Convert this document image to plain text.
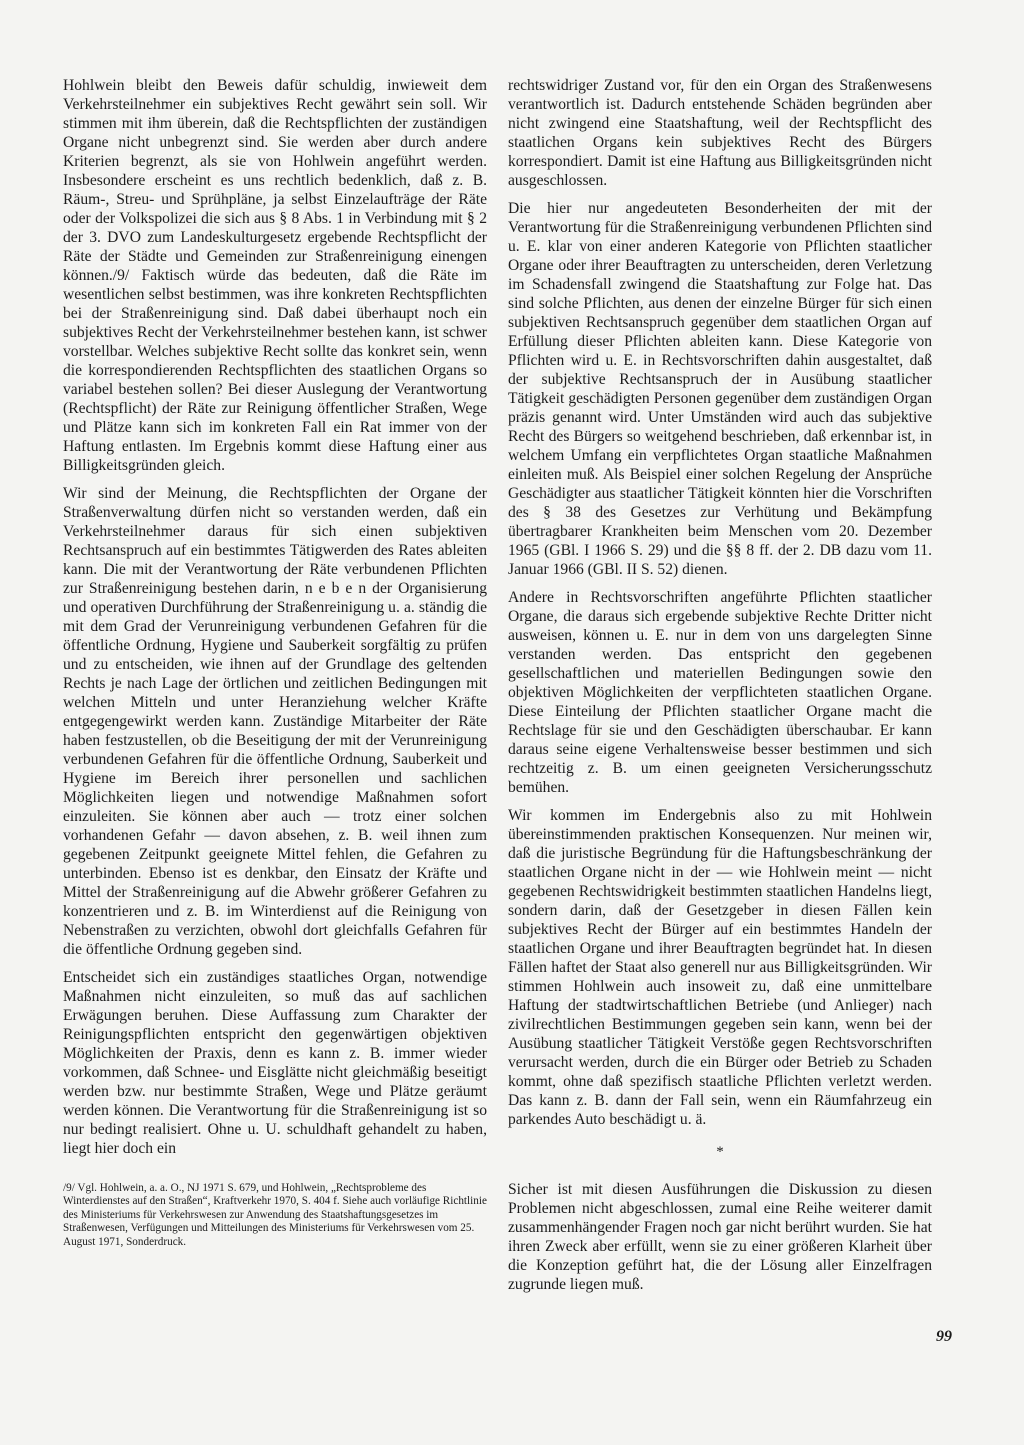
Hohlwein bleibt den Beweis dafür schuldig, inwieweit dem Verkehrsteilnehmer ein subjektives Recht gewährt sein soll. Wir stimmen mit ihm überein, daß die Rechtspflichten der zuständigen Organe nicht unbegrenzt sind. Sie werden aber durch andere Kriterien begrenzt, als sie von Hohlwein angeführt werden. Insbesondere erscheint es uns rechtlich bedenklich, daß z. B. Räum-, Streu- und Sprühpläne, ja selbst Einzelaufträge der Räte oder der Volkspolizei die sich aus § 8 Abs. 1 in Verbindung mit § 2 der 3. DVO zum Landeskulturgesetz ergebende Rechtspflicht der Räte der Städte und Gemeinden zur Straßenreinigung einengen können./9/ Faktisch würde das bedeuten, daß die Räte im wesentlichen selbst bestimmen, was ihre konkreten Rechtspflichten bei der Straßenreinigung sind. Daß dabei überhaupt noch ein subjektives Recht der Verkehrsteilnehmer bestehen kann, ist schwer vorstellbar. Welches subjektive Recht sollte das konkret sein, wenn die korrespondierenden Rechtspflichten des staatlichen Organs so variabel bestehen sollen? Bei dieser Auslegung der Verantwortung (Rechtspflicht) der Räte zur Reinigung öffentlicher Straßen, Wege und Plätze kann sich im konkreten Fall ein Rat immer von der Haftung entlasten. Im Ergebnis kommt diese Haftung einer aus Billigkeitsgründen gleich.

Wir sind der Meinung, die Rechtspflichten der Organe der Straßenverwaltung dürfen nicht so verstanden werden, daß ein Verkehrsteilnehmer daraus für sich einen subjektiven Rechtsanspruch auf ein bestimmtes Tätigwerden des Rates ableiten kann. Die mit der Verantwortung der Räte verbundenen Pflichten zur Straßenreinigung bestehen darin, n e b e n der Organisierung und operativen Durchführung der Straßenreinigung u. a. ständig die mit dem Grad der Verunreinigung verbundenen Gefahren für die öffentliche Ordnung, Hygiene und Sauberkeit sorgfältig zu prüfen und zu entscheiden, wie ihnen auf der Grundlage des geltenden Rechts je nach Lage der örtlichen und zeitlichen Bedingungen mit welchen Mitteln und unter Heranziehung welcher Kräfte entgegengewirkt werden kann. Zuständige Mitarbeiter der Räte haben festzustellen, ob die Beseitigung der mit der Verunreinigung verbundenen Gefahren für die öffentliche Ordnung, Sauberkeit und Hygiene im Bereich ihrer personellen und sachlichen Möglichkeiten liegen und notwendige Maßnahmen sofort einzuleiten. Sie können aber auch — trotz einer solchen vorhandenen Gefahr — davon absehen, z. B. weil ihnen zum gegebenen Zeitpunkt geeignete Mittel fehlen, die Gefahren zu unterbinden. Ebenso ist es denkbar, den Einsatz der Kräfte und Mittel der Straßenreinigung auf die Abwehr größerer Gefahren zu konzentrieren und z. B. im Winterdienst auf die Reinigung von Nebenstraßen zu verzichten, obwohl dort gleichfalls Gefahren für die öffentliche Ordnung gegeben sind.

Entscheidet sich ein zuständiges staatliches Organ, notwendige Maßnahmen nicht einzuleiten, so muß das auf sachlichen Erwägungen beruhen. Diese Auffassung zum Charakter der Reinigungspflichten entspricht den gegenwärtigen objektiven Möglichkeiten der Praxis, denn es kann z. B. immer wieder vorkommen, daß Schnee- und Eisglätte nicht gleichmäßig beseitigt werden bzw. nur bestimmte Straßen, Wege und Plätze geräumt werden können. Die Verantwortung für die Straßenreinigung ist so nur bedingt realisiert. Ohne u. U. schuldhaft gehandelt zu haben, liegt hier doch ein

/9/ Vgl. Hohlwein, a. a. O., NJ 1971 S. 679, und Hohlwein, „Rechtsprobleme des Winterdienstes auf den Straßen“, Kraftverkehr 1970, S. 404 f. Siehe auch vorläufige Richtlinie des Ministeriums für Verkehrswesen zur Anwendung des Staatshaftungsgesetzes im Straßenwesen, Verfügungen und Mitteilungen des Ministeriums für Verkehrswesen vom 25. August 1971, Sonderdruck.

rechtswidriger Zustand vor, für den ein Organ des Straßenwesens verantwortlich ist. Dadurch entstehende Schäden begründen aber nicht zwingend eine Staatshaftung, weil der Rechtspflicht des staatlichen Organs kein subjektives Recht des Bürgers korrespondiert. Damit ist eine Haftung aus Billigkeitsgründen nicht ausgeschlossen.

Die hier nur angedeuteten Besonderheiten der mit der Verantwortung für die Straßenreinigung verbundenen Pflichten sind u. E. klar von einer anderen Kategorie von Pflichten staatlicher Organe oder ihrer Beauftragten zu unterscheiden, deren Verletzung im Schadensfall zwingend die Staatshaftung zur Folge hat. Das sind solche Pflichten, aus denen der einzelne Bürger für sich einen subjektiven Rechtsanspruch gegenüber dem staatlichen Organ auf Erfüllung dieser Pflichten ableiten kann. Diese Kategorie von Pflichten wird u. E. in Rechtsvorschriften dahin ausgestaltet, daß der subjektive Rechtsanspruch der in Ausübung staatlicher Tätigkeit geschädigten Personen gegenüber dem zuständigen Organ präzis genannt wird. Unter Umständen wird auch das subjektive Recht des Bürgers so weitgehend beschrieben, daß erkennbar ist, in welchem Umfang ein verpflichtetes Organ staatliche Maßnahmen einleiten muß. Als Beispiel einer solchen Regelung der Ansprüche Geschädigter aus staatlicher Tätigkeit könnten hier die Vorschriften des § 38 des Gesetzes zur Verhütung und Bekämpfung übertragbarer Krankheiten beim Menschen vom 20. Dezember 1965 (GBl. I 1966 S. 29) und die §§ 8 ff. der 2. DB dazu vom 11. Januar 1966 (GBl. II S. 52) dienen.

Andere in Rechtsvorschriften angeführte Pflichten staatlicher Organe, die daraus sich ergebende subjektive Rechte Dritter nicht ausweisen, können u. E. nur in dem von uns dargelegten Sinne verstanden werden. Das entspricht den gegebenen gesellschaftlichen und materiellen Bedingungen sowie den objektiven Möglichkeiten der verpflichteten staatlichen Organe. Diese Einteilung der Pflichten staatlicher Organe macht die Rechtslage für sie und den Geschädigten überschaubar. Er kann daraus seine eigene Verhaltensweise besser bestimmen und sich rechtzeitig z. B. um einen geeigneten Versicherungsschutz bemühen.

Wir kommen im Endergebnis also zu mit Hohlwein übereinstimmenden praktischen Konsequenzen. Nur meinen wir, daß die juristische Begründung für die Haftungsbeschränkung der staatlichen Organe nicht in der — wie Hohlwein meint — nicht gegebenen Rechtswidrigkeit bestimmten staatlichen Handelns liegt, sondern darin, daß der Gesetzgeber in diesen Fällen kein subjektives Recht der Bürger auf ein bestimmtes Handeln der staatlichen Organe und ihrer Beauftragten begründet hat. In diesen Fällen haftet der Staat also generell nur aus Billigkeitsgründen. Wir stimmen Hohlwein auch insoweit zu, daß eine unmittelbare Haftung der stadtwirtschaftlichen Betriebe (und Anlieger) nach zivilrechtlichen Bestimmungen gegeben sein kann, wenn bei der Ausübung staatlicher Tätigkeit Verstöße gegen Rechtsvorschriften verursacht werden, durch die ein Bürger oder Betrieb zu Schaden kommt, ohne daß spezifisch staatliche Pflichten verletzt werden. Das kann z. B. dann der Fall sein, wenn ein Räumfahrzeug ein parkendes Auto beschädigt u. ä.

*

Sicher ist mit diesen Ausführungen die Diskussion zu diesen Problemen nicht abgeschlossen, zumal eine Reihe weiterer damit zusammenhängender Fragen noch gar nicht berührt wurden. Sie hat ihren Zweck aber erfüllt, wenn sie zu einer größeren Klarheit über die Konzeption geführt hat, die der Lösung aller Einzelfragen zugrunde liegen muß.

99
